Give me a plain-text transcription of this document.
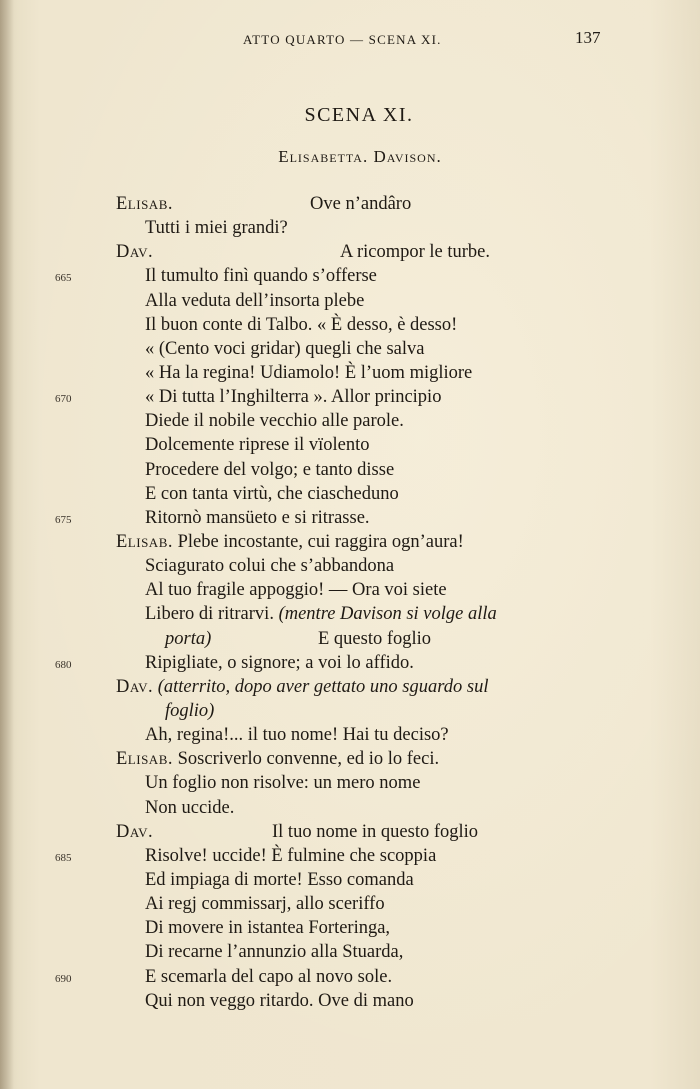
ATTO QUARTO — SCENA XI.	137
SCENA XI.
Elisabetta. Davison.
Elisab.	Ove n’andâro
Tutti i miei grandi?
Dav.	A ricompor le turbe.
665	Il tumulto finì quando s’offerse
Alla veduta dell’insorta plebe
Il buon conte di Talbo. « È desso, è desso!
« (Cento voci gridar) quegli che salva
« Ha la regina! Udiamolo! È l’uom migliore
670	« Di tutta l’Inghilterra ». Allor principio
Diede il nobile vecchio alle parole.
Dolcemente riprese il vïolento
Procedere del volgo; e tanto disse
E con tanta virtù, che ciascheduno
675	Ritornò mansüeto e si ritrasse.
Elisab. Plebe incostante, cui raggira ogn’aura!
Sciagurato colui che s’abbandona
Al tuo fragile appoggio! — Ora voi siete
Libero di ritrarvi. (mentre Davison si volge alla
porta)	E questo foglio
680	Ripigliate, o signore; a voi lo affido.
Dav. (atterrito, dopo aver gettato uno sguardo sul
foglio)
Ah, regina!... il tuo nome! Hai tu deciso?
Elisab. Soscriverlo convenne, ed io lo feci.
Un foglio non risolve: un mero nome
Non uccide.
Dav.	Il tuo nome in questo foglio
685	Risolve! uccide! È fulmine che scoppia
Ed impiaga di morte! Esso comanda
Ai regj commissarj, allo sceriffo
Di movere in istantea Forteringa,
Di recarne l’annunzio alla Stuarda,
690	E scemarla del capo al novo sole.
Qui non veggo ritardo. Ove di mano
